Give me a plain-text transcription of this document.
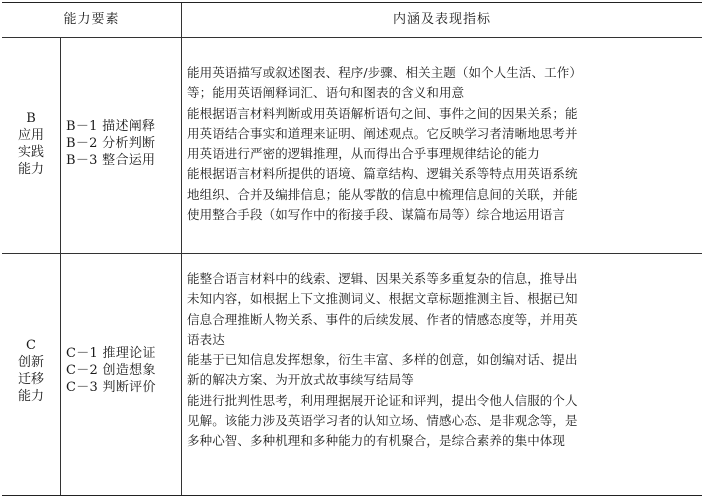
能力要素	内涵及表现指标
B
应用
实践
能力
B－1 描述阐释
B－2 分析判断
B－3 整合运用
能用英语描写或叙述图表、程序/步骤、相关主题（如个人生活、工作）
等；能用英语阐释词汇、语句和图表的含义和用意
能根据语言材料判断或用英语解析语句之间、事件之间的因果关系；能
用英语结合事实和道理来证明、阐述观点。它反映学习者清晰地思考并
用英语进行严密的逻辑推理，从而得出合乎事理规律结论的能力
能根据语言材料所提供的语境、篇章结构、逻辑关系等特点用英语系统
地组织、合并及编排信息；能从零散的信息中梳理信息间的关联，并能
使用整合手段（如写作中的衔接手段、谋篇布局等）综合地运用语言
C
创新
迁移
能力
C－1 推理论证
C－2 创造想象
C－3 判断评价
能整合语言材料中的线索、逻辑、因果关系等多重复杂的信息，推导出
未知内容，如根据上下文推测词义、根据文章标题推测主旨、根据已知
信息合理推断人物关系、事件的后续发展、作者的情感态度等，并用英
语表达
能基于已知信息发挥想象，衍生丰富、多样的创意，如创编对话、提出
新的解决方案、为开放式故事续写结局等
能进行批判性思考，利用理据展开论证和评判，提出令他人信服的个人
见解。该能力涉及英语学习者的认知立场、情感心态、是非观念等，是
多种心智、多种机理和多种能力的有机聚合，是综合素养的集中体现
